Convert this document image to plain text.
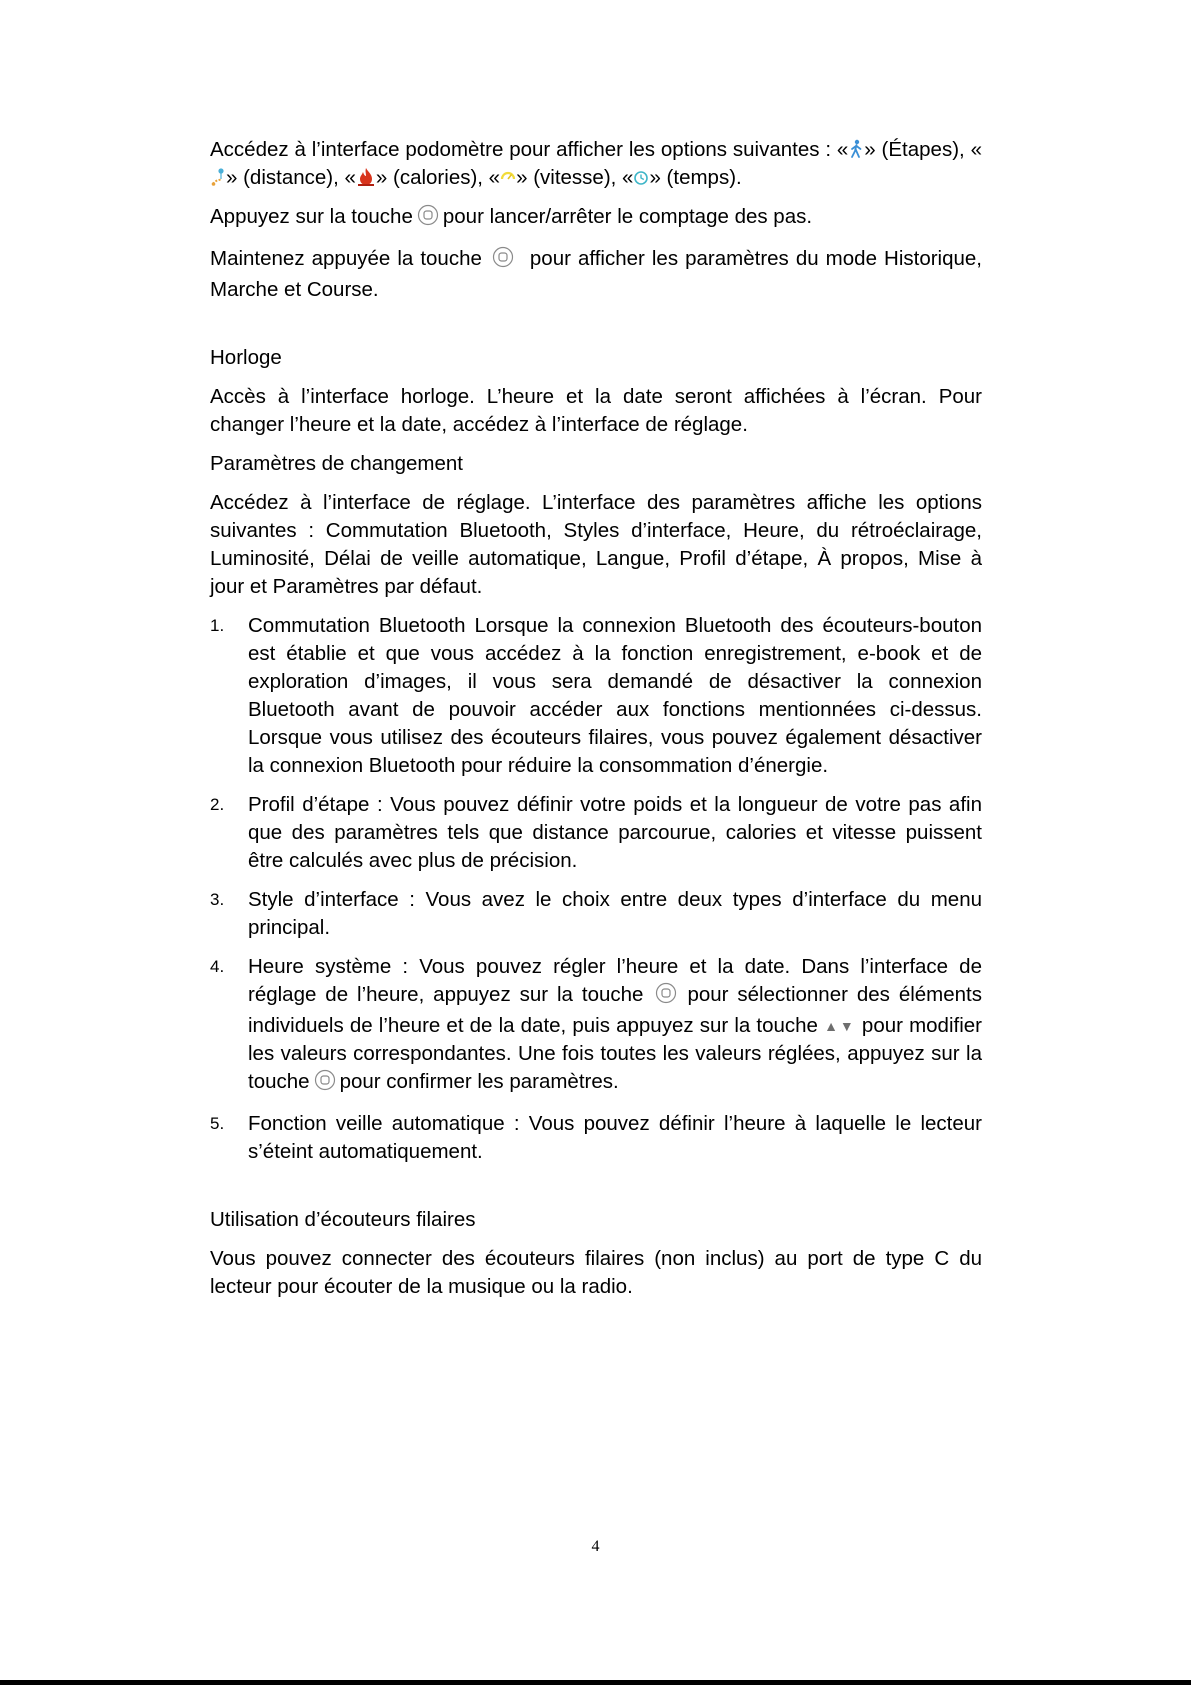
Accédez à l’interface podomètre pour afficher les options suivantes : « » (Étapes), «
» (distance), « » (calories), « » (vitesse), « » (temps).

Appuyez sur la touche pour lancer/arrêter le comptage des pas.

Maintenez appuyée la touche pour afficher les paramètres du mode Historique, Marche et Course.

Horloge

Accès à l’interface horloge. L’heure et la date seront affichées à l’écran. Pour changer l’heure et la date, accédez à l’interface de réglage.

Paramètres de changement

Accédez à l’interface de réglage. L’interface des paramètres affiche les options suivantes : Commutation Bluetooth, Styles d’interface, Heure, du rétroéclairage, Luminosité, Délai de veille automatique, Langue, Profil d’étape, À propos, Mise à jour et Paramètres par défaut.

1. Commutation Bluetooth Lorsque la connexion Bluetooth des écouteurs-bouton est établie et que vous accédez à la fonction enregistrement, e-book et de exploration d’images, il vous sera demandé de désactiver la connexion Bluetooth avant de pouvoir accéder aux fonctions mentionnées ci-dessus. Lorsque vous utilisez des écouteurs filaires, vous pouvez également désactiver la connexion Bluetooth pour réduire la consommation d’énergie.
2. Profil d’étape : Vous pouvez définir votre poids et la longueur de votre pas afin que des paramètres tels que distance parcourue, calories et vitesse puissent être calculés avec plus de précision.
3. Style d’interface : Vous avez le choix entre deux types d’interface du menu principal.
4. Heure système : Vous pouvez régler l’heure et la date. Dans l’interface de réglage de l’heure, appuyez sur la touche pour sélectionner des éléments individuels de l’heure et de la date, puis appuyez sur la touche ▲▼ pour modifier les valeurs correspondantes. Une fois toutes les valeurs réglées, appuyez sur la touche pour confirmer les paramètres.
5. Fonction veille automatique : Vous pouvez définir l’heure à laquelle le lecteur s’éteint automatiquement.

Utilisation d’écouteurs filaires

Vous pouvez connecter des écouteurs filaires (non inclus) au port de type C du lecteur pour écouter de la musique ou la radio.

4
